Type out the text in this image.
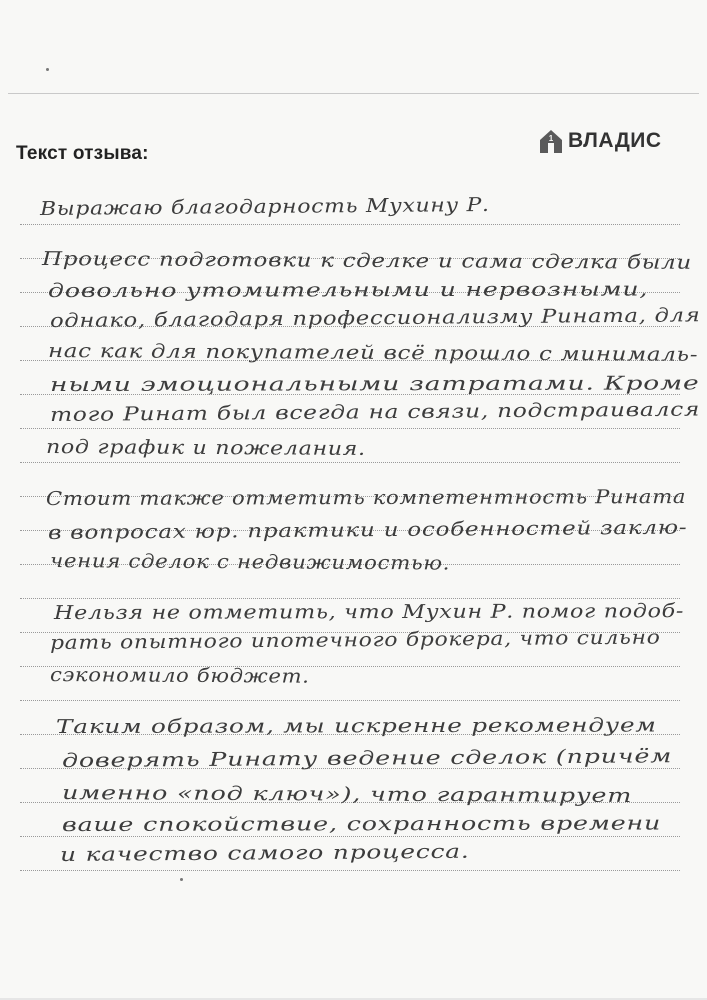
Текст отзыва:
1 ВЛАДИС
Выражаю благодарность Мухину Р.
Процесс подготовки к сделке и сама сделка были
довольно утомительными и нервозными,
однако, благодаря профессионализму Рината, для
нас как для покупателей всё прошло с минималь-
ными эмоциональными затратами. Кроме
того Ринат был всегда на связи, подстраивался
под график и пожелания.
Стоит также отметить компетентность Рината
в вопросах юр. практики и особенностей заклю-
чения сделок с недвижимостью.
Нельзя не отметить, что Мухин Р. помог подоб-
рать опытного ипотечного брокера, что сильно
сэкономило бюджет.
Таким образом, мы искренне рекомендуем
доверять Ринату ведение сделок (причём
именно «под ключ»), что гарантирует
ваше спокойствие, сохранность времени
и качество самого процесса.
